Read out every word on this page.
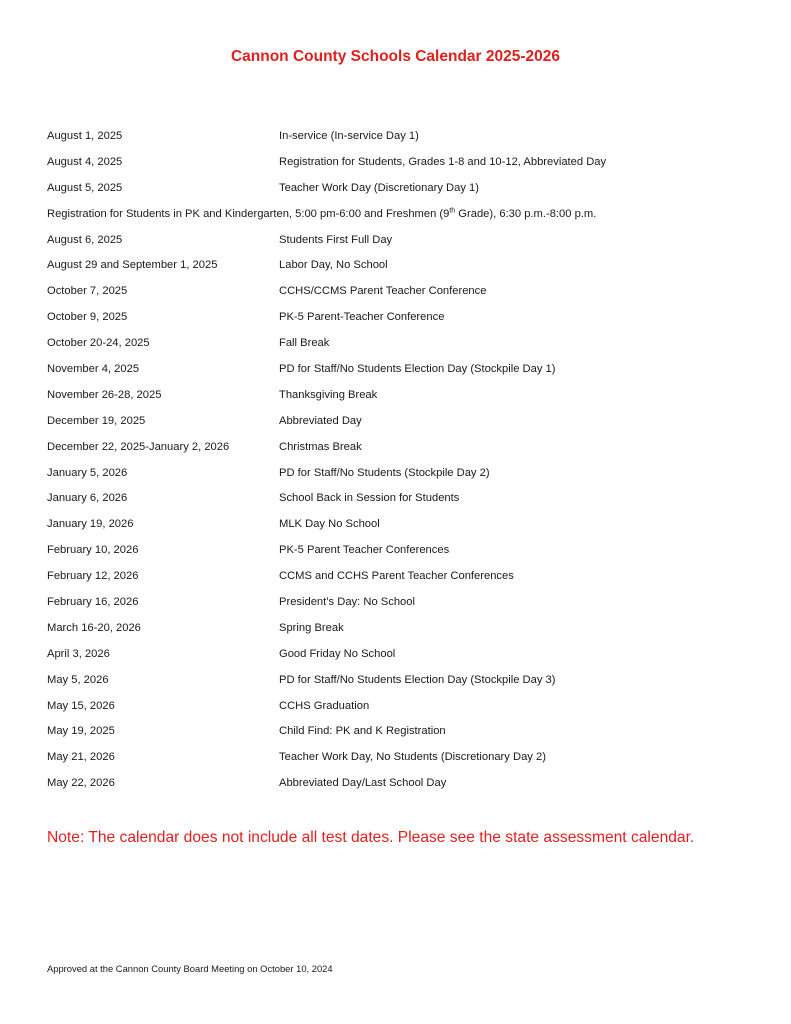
Cannon County Schools Calendar 2025-2026
August 1, 2025	In-service (In-service Day 1)
August 4, 2025	Registration for Students, Grades 1-8 and 10-12, Abbreviated Day
August 5, 2025	Teacher Work Day (Discretionary Day 1)
Registration for Students in PK and Kindergarten, 5:00 pm-6:00 and Freshmen (9th Grade), 6:30 p.m.-8:00 p.m.
August 6, 2025	Students First Full Day
August 29 and September 1, 2025	Labor Day, No School
October 7, 2025	CCHS/CCMS Parent Teacher Conference
October 9, 2025	PK-5 Parent-Teacher Conference
October 20-24, 2025	Fall Break
November 4, 2025	PD for Staff/No Students Election Day (Stockpile Day 1)
November 26-28, 2025	Thanksgiving Break
December 19, 2025	Abbreviated Day
December 22, 2025-January 2, 2026	Christmas Break
January 5, 2026	PD for Staff/No Students (Stockpile Day 2)
January 6, 2026	School Back in Session for Students
January 19, 2026	MLK Day No School
February 10, 2026	PK-5 Parent Teacher Conferences
February 12, 2026	CCMS and CCHS Parent Teacher Conferences
February 16, 2026	President’s Day: No School
March 16-20, 2026	Spring Break
April 3, 2026	Good Friday No School
May 5, 2026	PD for Staff/No Students Election Day (Stockpile Day 3)
May 15, 2026	CCHS Graduation
May 19, 2025	Child Find: PK and K Registration
May 21, 2026	Teacher Work Day, No Students (Discretionary Day 2)
May 22, 2026	Abbreviated Day/Last School Day
Note: The calendar does not include all test dates. Please see the state assessment calendar.
Approved at the Cannon County Board Meeting on October 10, 2024
